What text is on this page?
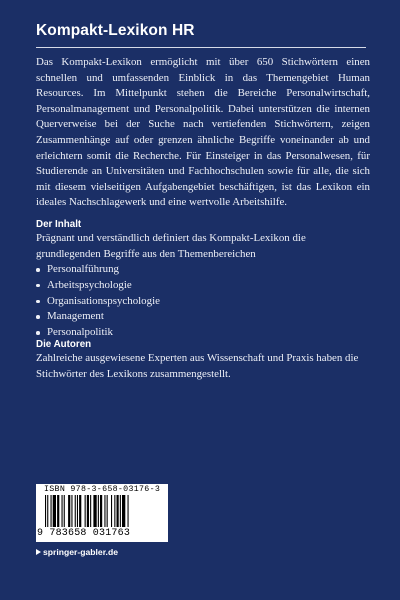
Kompakt-Lexikon HR

Das Kompakt-Lexikon ermöglicht mit über 650 Stichwörtern einen schnellen und umfassenden Einblick in das Themengebiet Human Resources. Im Mittelpunkt stehen die Bereiche Personalwirtschaft, Personalmanagement und Personalpolitik. Dabei unterstützen die internen Querverweise bei der Suche nach vertiefenden Stichwörtern, zeigen Zusammenhänge auf oder grenzen ähnliche Begriffe voneinander ab und erleichtern somit die Recherche. Für Einsteiger in das Personalwesen, für Studierende an Universitäten und Fachhochschulen sowie für alle, die sich mit diesem vielseitigen Aufgabengebiet beschäftigen, ist das Lexikon ein ideales Nachschlagewerk und eine wertvolle Arbeitshilfe.

Der Inhalt

Prägnant und verständlich definiert das Kompakt-Lexikon die grundlegenden Begriffe aus den Themenbereichen

Personalführung
Arbeitspsychologie
Organisationspsychologie
Management
Personalpolitik
Die Autoren

Zahlreiche ausgewiesene Experten aus Wissenschaft und Praxis haben die Stichwörter des Lexikons zusammengestellt.

ISBN 978-3-658-03176-3
9 783658 031763
springer-gabler.de
